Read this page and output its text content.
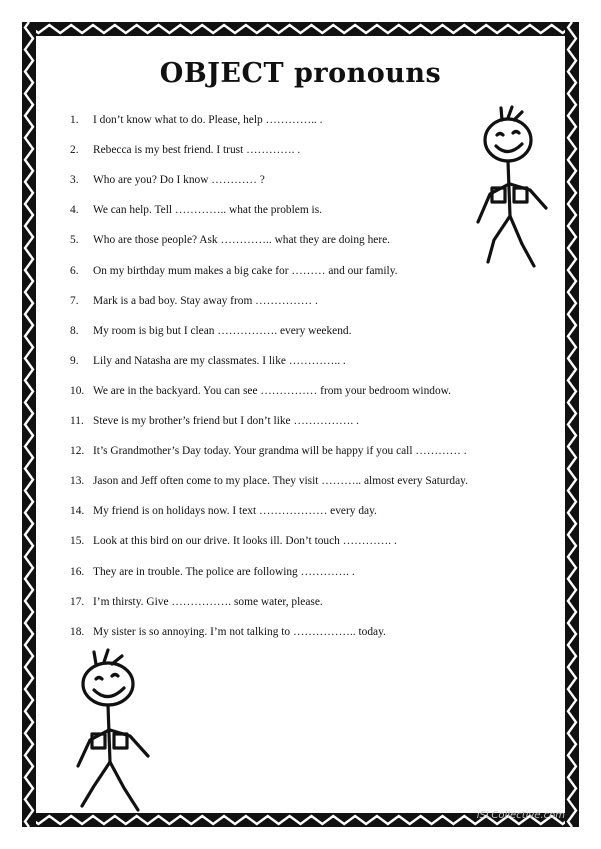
OBJECT pronouns
1. I don’t know what to do. Please, help ………….. .
2. Rebecca is my best friend. I trust …………. .
3. Who are you? Do I know ………… ?
4. We can help. Tell ………….. what the problem is.
5. Who are those people? Ask ………….. what they are doing here.
6. On my birthday mum makes a big cake for ……… and our family.
7. Mark is a bad boy. Stay away from …………… .
8. My room is big but I clean ……………. every weekend.
9. Lily and Natasha are my classmates. I like ………….. .
10. We are in the backyard. You can see …………… from your bedroom window.
11. Steve is my brother’s friend but I don’t like ……………. .
12. It’s Grandmother’s Day today. Your grandma will be happy if you call ………… .
13. Jason and Jeff often come to my place. They visit ……….. almost every Saturday.
14. My friend is on holidays now. I text ……………… every day.
15. Look at this bird on our drive. It looks ill. Don’t touch …………. .
16. They are in trouble. The police are following …………. .
17. I’m thirsty. Give ……………. some water, please.
18. My sister is so annoying. I’m not talking to …………….. today.
iSLCollective.com
